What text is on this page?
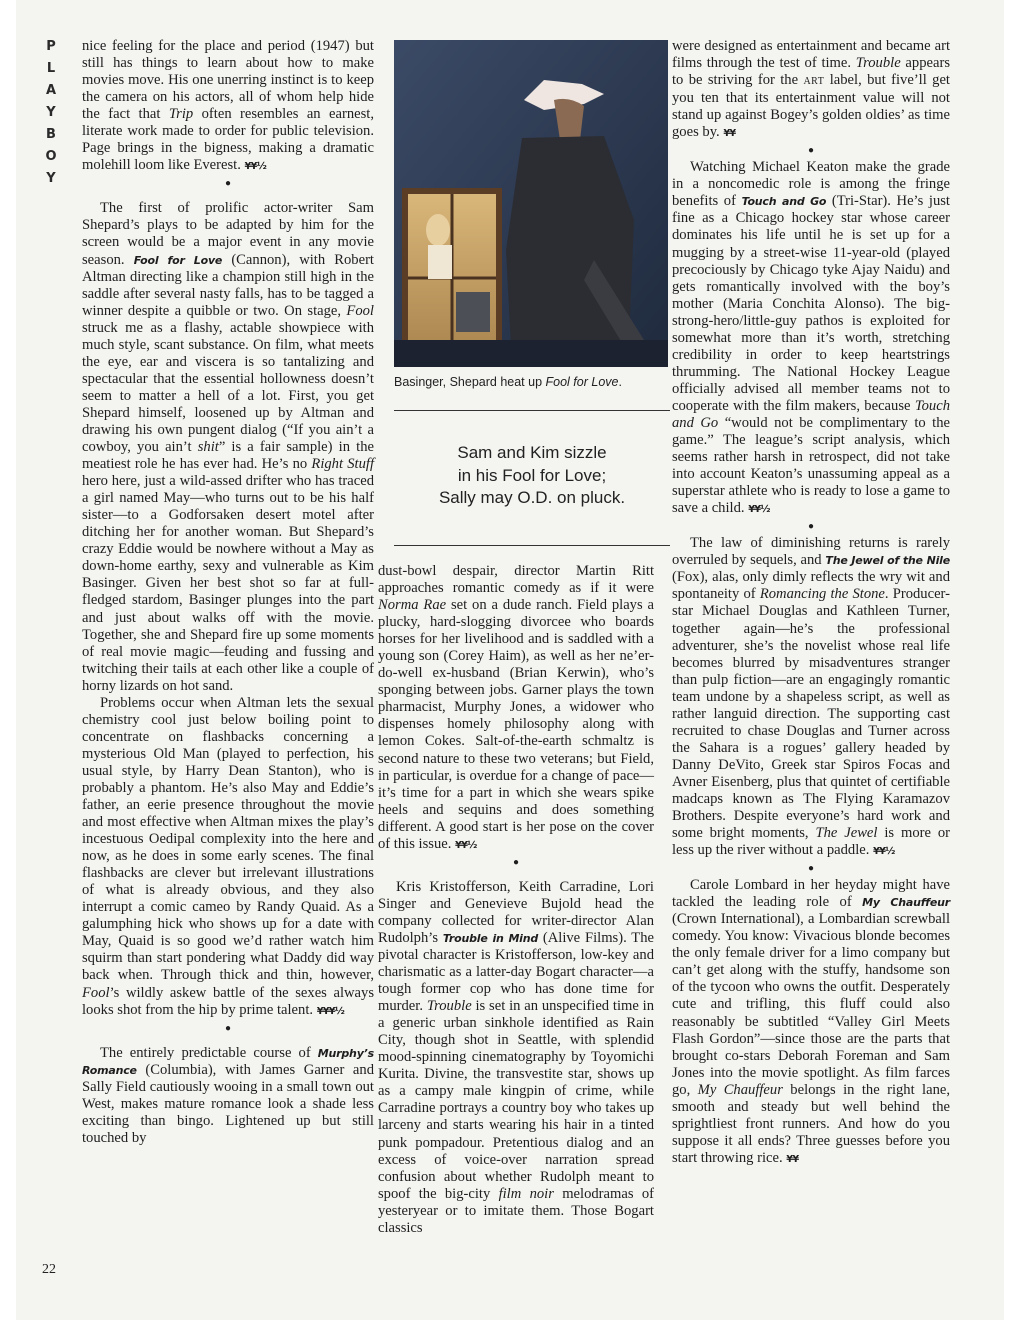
P
L
A
Y
B
O
Y

nice feeling for the place and period (1947) but still has things to learn about how to make movies move. His one unerring instinct is to keep the camera on his actors, all of whom help hide the fact that Trip often resembles an earnest, literate work made to order for public television. Page brings in the bigness, making a dramatic molehill loom like Everest. ¥¥½

●

The first of prolific actor-writer Sam Shepard’s plays to be adapted by him for the screen would be a major event in any movie season. Fool for Love (Cannon), with Robert Altman directing like a champion still high in the saddle after several nasty falls, has to be tagged a winner despite a quibble or two. On stage, Fool struck me as a flashy, actable showpiece with much style, scant substance. On film, what meets the eye, ear and viscera is so tantalizing and spectacular that the essential hollowness doesn’t seem to matter a hell of a lot. First, you get Shepard himself, loosened up by Altman and drawing his own pungent dialog (“If you ain’t a cowboy, you ain’t shit” is a fair sample) in the meatiest role he has ever had. He’s no Right Stuff hero here, just a wild-assed drifter who has traced a girl named May—who turns out to be his half sister—to a Godforsaken desert motel after ditching her for another woman. But Shepard’s crazy Eddie would be nowhere without a May as down-home earthy, sexy and vulnerable as Kim Basinger. Given her best shot so far at full-fledged stardom, Basinger plunges into the part and just about walks off with the movie. Together, she and Shepard fire up some moments of real movie magic—feuding and fussing and twitching their tails at each other like a couple of horny lizards on hot sand.

Problems occur when Altman lets the sexual chemistry cool just below boiling point to concentrate on flashbacks concerning a mysterious Old Man (played to perfection, his usual style, by Harry Dean Stanton), who is probably a phantom. He’s also May and Eddie’s father, an eerie presence throughout the movie and most effective when Altman mixes the play’s incestuous Oedipal complexity into the here and now, as he does in some early scenes. The final flashbacks are clever but irrelevant illustrations of what is already obvious, and they also interrupt a comic cameo by Randy Quaid. As a galumphing hick who shows up for a date with May, Quaid is so good we’d rather watch him squirm than start pondering what Daddy did way back when. Through thick and thin, however, Fool’s wildly askew battle of the sexes always looks shot from the hip by prime talent. ¥¥¥½

●

The entirely predictable course of Murphy’s Romance (Columbia), with James Garner and Sally Field cautiously wooing in a small town out West, makes mature romance look a shade less exciting than bingo. Lightened up but still touched by

Basinger, Shepard heat up Fool for Love.
Sam and Kim sizzle
in his Fool for Love;
Sally may O.D. on pluck.

dust-bowl despair, director Martin Ritt approaches romantic comedy as if it were Norma Rae set on a dude ranch. Field plays a plucky, hard-slogging divorcee who boards horses for her livelihood and is saddled with a young son (Corey Haim), as well as her ne’er-do-well ex-husband (Brian Kerwin), who’s sponging between jobs. Garner plays the town pharmacist, Murphy Jones, a widower who dispenses homely philosophy along with lemon Cokes. Salt-of-the-earth schmaltz is second nature to these two veterans; but Field, in particular, is overdue for a change of pace—it’s time for a part in which she wears spike heels and sequins and does something different. A good start is her pose on the cover of this issue. ¥¥½

●

Kris Kristofferson, Keith Carradine, Lori Singer and Genevieve Bujold head the company collected for writer-director Alan Rudolph’s Trouble in Mind (Alive Films). The pivotal character is Kristofferson, low-key and charismatic as a latter-day Bogart character—a tough former cop who has done time for murder. Trouble is set in an unspecified time in a generic urban sinkhole identified as Rain City, though shot in Seattle, with splendid mood-spinning cinematography by Toyomichi Kurita. Divine, the transvestite star, shows up as a campy male kingpin of crime, while Carradine portrays a country boy who takes up larceny and starts wearing his hair in a tinted punk pompadour. Pretentious dialog and an excess of voice-over narration spread confusion about whether Rudolph meant to spoof the big-city film noir melodramas of yesteryear or to imitate them. Those Bogart classics

were designed as entertainment and became art films through the test of time. Trouble appears to be striving for the ART label, but five’ll get you ten that its entertainment value will not stand up against Bogey’s golden oldies’ as time goes by. ¥¥

●

Watching Michael Keaton make the grade in a noncomedic role is among the fringe benefits of Touch and Go (Tri-Star). He’s just fine as a Chicago hockey star whose career dominates his life until he is set up for a mugging by a street-wise 11-year-old (played precociously by Chicago tyke Ajay Naidu) and gets romantically involved with the boy’s mother (Maria Conchita Alonso). The big-strong-hero/little-guy pathos is exploited for somewhat more than it’s worth, stretching credibility in order to keep heartstrings thrumming. The National Hockey League officially advised all member teams not to cooperate with the film makers, because Touch and Go “would not be complimentary to the game.” The league’s script analysis, which seems rather harsh in retrospect, did not take into account Keaton’s unassuming appeal as a superstar athlete who is ready to lose a game to save a child. ¥¥½

●

The law of diminishing returns is rarely overruled by sequels, and The Jewel of the Nile (Fox), alas, only dimly reflects the wry wit and spontaneity of Romancing the Stone. Producer-star Michael Douglas and Kathleen Turner, together again—he’s the professional adventurer, she’s the novelist whose real life becomes blurred by misadventures stranger than pulp fiction—are an engagingly romantic team undone by a shapeless script, as well as rather languid direction. The supporting cast recruited to chase Douglas and Turner across the Sahara is a rogues’ gallery headed by Danny DeVito, Greek star Spiros Focas and Avner Eisenberg, plus that quintet of certifiable madcaps known as The Flying Karamazov Brothers. Despite everyone’s hard work and some bright moments, The Jewel is more or less up the river without a paddle. ¥¥½

●

Carole Lombard in her heyday might have tackled the leading role of My Chauffeur (Crown International), a Lombardian screwball comedy. You know: Vivacious blonde becomes the only female driver for a limo company but can’t get along with the stuffy, handsome son of the tycoon who owns the outfit. Desperately cute and trifling, this fluff could also reasonably be subtitled “Valley Girl Meets Flash Gordon”—since those are the parts that brought co-stars Deborah Foreman and Sam Jones into the movie spotlight. As film farces go, My Chauffeur belongs in the right lane, smooth and steady but well behind the sprightliest front runners. And how do you suppose it all ends? Three guesses before you start throwing rice. ¥¥

22
